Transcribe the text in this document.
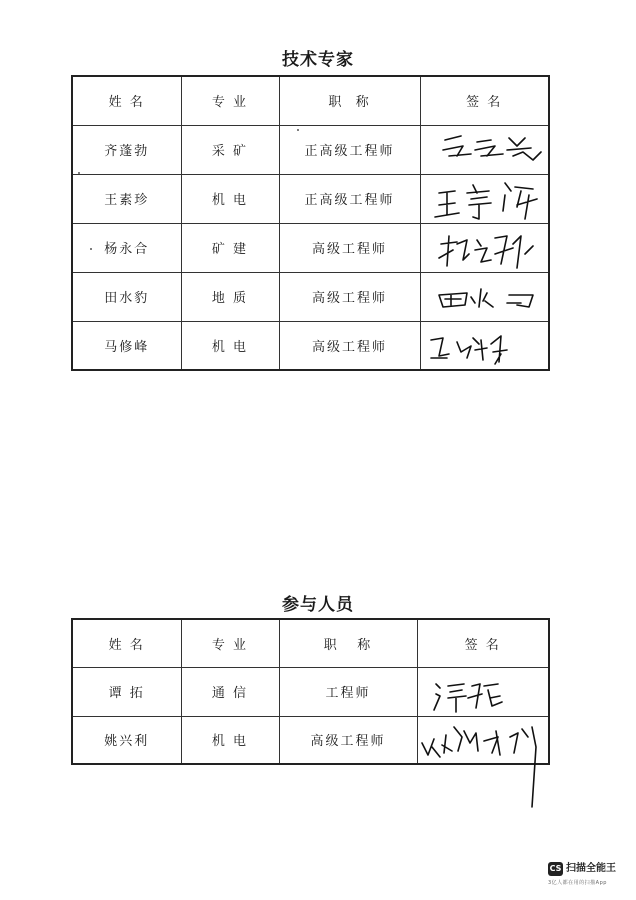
技术专家
姓 名	专 业	职  称	签 名
齐蓬勃	采 矿	正高级工程师	

王素珍	机 电	正高级工程师	

杨永合	矿 建	高级工程师	

田水豹	地 质	高级工程师	

马修峰	机 电	高级工程师	

参与人员
姓 名	专 业	职   称	签 名
谭 拓	通 信	工程师	

姚兴利	机 电	高级工程师	

CS 扫描全能王
3亿人都在用的扫描App
